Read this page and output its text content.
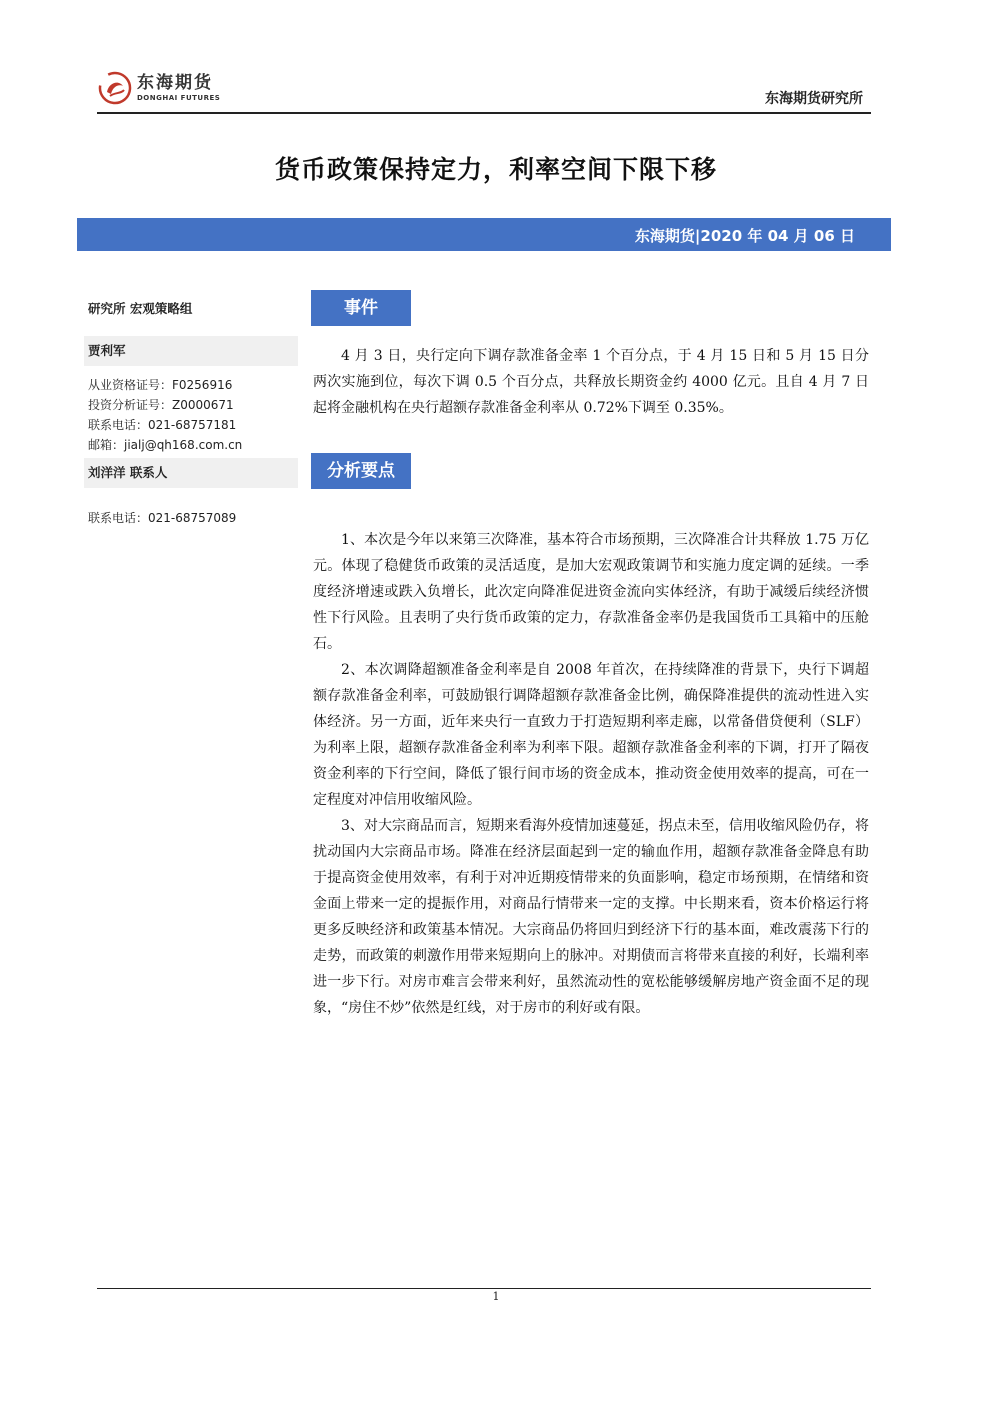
东海期货
DONGHAI FUTURES	东海期货研究所
货币政策保持定力，利率空间下限下移
东海期货|2020 年 04 月 06 日
研究所 宏观策略组
贾利军
从业资格证号：F0256916
投资分析证号：Z0000671
联系电话：021-68757181
邮箱：jialj@qh168.com.cn
刘洋洋 联系人
联系电话：021-68757089
事件

4 月 3 日，央行定向下调存款准备金率 1 个百分点，于 4 月 15 日和 5 月 15 日分两次实施到位，每次下调 0.5 个百分点，共释放长期资金约 4000 亿元。且自 4 月 7 日起将金融机构在央行超额存款准备金利率从 0.72%下调至 0.35%。

分析要点

1、本次是今年以来第三次降准，基本符合市场预期，三次降准合计共释放 1.75 万亿元。体现了稳健货币政策的灵活适度，是加大宏观政策调节和实施力度定调的延续。一季度经济增速或跌入负增长，此次定向降准促进资金流向实体经济，有助于减缓后续经济惯性下行风险。且表明了央行货币政策的定力，存款准备金率仍是我国货币工具箱中的压舱石。

2、本次调降超额准备金利率是自 2008 年首次，在持续降准的背景下，央行下调超额存款准备金利率，可鼓励银行调降超额存款准备金比例，确保降准提供的流动性进入实体经济。另一方面，近年来央行一直致力于打造短期利率走廊，以常备借贷便利（SLF）为利率上限，超额存款准备金利率为利率下限。超额存款准备金利率的下调，打开了隔夜资金利率的下行空间，降低了银行间市场的资金成本，推动资金使用效率的提高，可在一定程度对冲信用收缩风险。

3、对大宗商品而言，短期来看海外疫情加速蔓延，拐点未至，信用收缩风险仍存，将扰动国内大宗商品市场。降准在经济层面起到一定的输血作用，超额存款准备金降息有助于提高资金使用效率，有利于对冲近期疫情带来的负面影响，稳定市场预期，在情绪和资金面上带来一定的提振作用，对商品行情带来一定的支撑。中长期来看，资本价格运行将更多反映经济和政策基本情况。大宗商品仍将回归到经济下行的基本面，难改震荡下行的走势，而政策的刺激作用带来短期向上的脉冲。对期债而言将带来直接的利好，长端利率进一步下行。对房市难言会带来利好，虽然流动性的宽松能够缓解房地产资金面不足的现象，“房住不炒”依然是红线，对于房市的利好或有限。

1
